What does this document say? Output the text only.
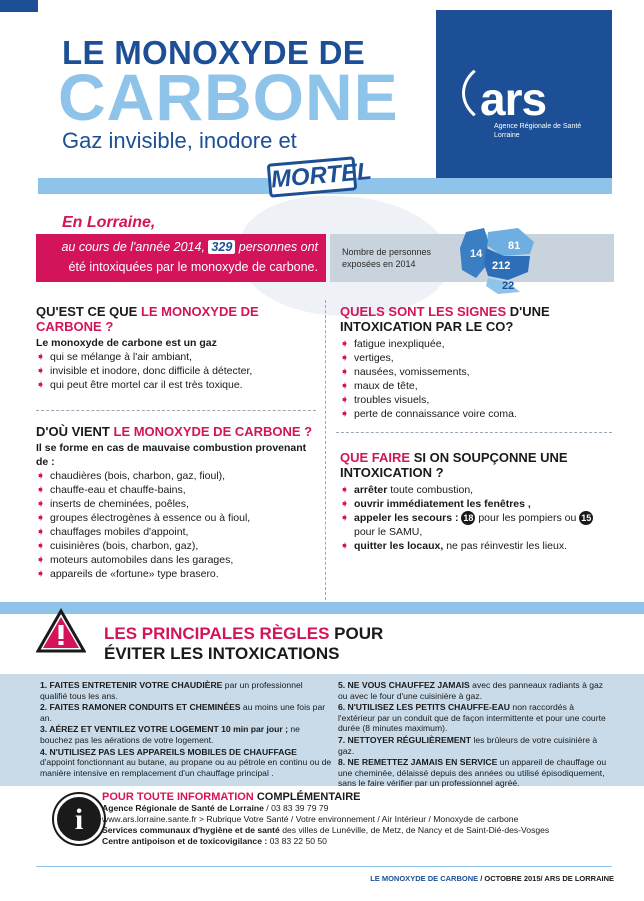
LE MONOXYDE DE
CARBONE
Gaz invisible, inodore et
ars
Agence Régionale de Santé
Lorraine
MORTEL
En Lorraine,
au cours de l'année 2014, 329 personnes ont
été intoxiquées par le monoxyde de carbone.
Nombre de personnes exposées en 2014
14
81
212
22
QU'EST CE QUE LE MONOXYDE DE CARBONE ?
Le monoxyde de carbone est un gaz
➧ qui se mélange à l'air ambiant,
➧ invisible et inodore, donc difficile à détecter,
➧ qui peut être mortel car il est très toxique.
D'OÙ VIENT LE MONOXYDE DE CARBONE ?
Il se forme en cas de mauvaise combustion provenant de :
➧ chaudières (bois, charbon, gaz, fioul),
➧ chauffe-eau et chauffe-bains,
➧ inserts de cheminées, poêles,
➧ groupes électrogènes à essence ou à fioul,
➧ chauffages mobiles d'appoint,
➧ cuisinières (bois, charbon, gaz),
➧ moteurs automobiles dans les garages,
➧ appareils de «fortune» type brasero.
QUELS SONT LES SIGNES D'UNE INTOXICATION PAR LE CO?
➧ fatigue inexpliquée,
➧ vertiges,
➧ nausées, vomissements,
➧ maux de tête,
➧ troubles visuels,
➧ perte de connaissance voire coma.
QUE FAIRE SI ON SOUPÇONNE UNE INTOXICATION ?
➧ arrêter toute combustion,
➧ ouvrir immédiatement les fenêtres ,
➧ appeler les secours : 18 pour les pompiers ou 15 pour le SAMU,
➧ quitter les locaux, ne pas réinvestir les lieux.
LES PRINCIPALES RÈGLES POUR
ÉVITER LES INTOXICATIONS

1. FAITES ENTRETENIR VOTRE CHAUDIÈRE par un professionnel qualifié tous les ans.

2. FAITES RAMONER CONDUITS ET CHEMINÉES au moins une fois par an.

3. AÉREZ ET VENTILEZ VOTRE LOGEMENT 10 min par jour ; ne bouchez pas les aérations de votre logement.

4. N'UTILISEZ PAS LES APPAREILS MOBILES DE CHAUFFAGE d'appoint fonctionnant au butane, au propane ou au pétrole en continu ou de manière intensive en remplacement d'un chauffage principal .

5. NE VOUS CHAUFFEZ JAMAIS avec des panneaux radiants à gaz ou avec le four d'une cuisinière à gaz.

6. N'UTILISEZ LES PETITS CHAUFFE-EAU non raccordés à l'extérieur par un conduit que de façon intermittente et pour une courte durée (8 minutes maximum).

7. NETTOYER RÉGULIÈREMENT les brûleurs de votre cuisinière à gaz.

8. NE REMETTEZ JAMAIS EN SERVICE un appareil de chauffage ou une cheminée, délaissé depuis des années ou utilisé épisodiquement, sans le faire vérifier par un professionnel agréé.

i
POUR TOUTE INFORMATION COMPLÉMENTAIRE
Agence Régionale de Santé de Lorraine / 03 83 39 79 79
www.ars.lorraine.sante.fr > Rubrique Votre Santé / Votre environnement / Air Intérieur / Monoxyde de carbone
Services communaux d'hygiène et de santé des villes de Lunéville, de Metz, de Nancy et de Saint-Dié-des-Vosges
Centre antipoison et de toxicovigilance : 03 83 22 50 50
LE MONOXYDE DE CARBONE / OCTOBRE 2015/ ARS DE LORRAINE
